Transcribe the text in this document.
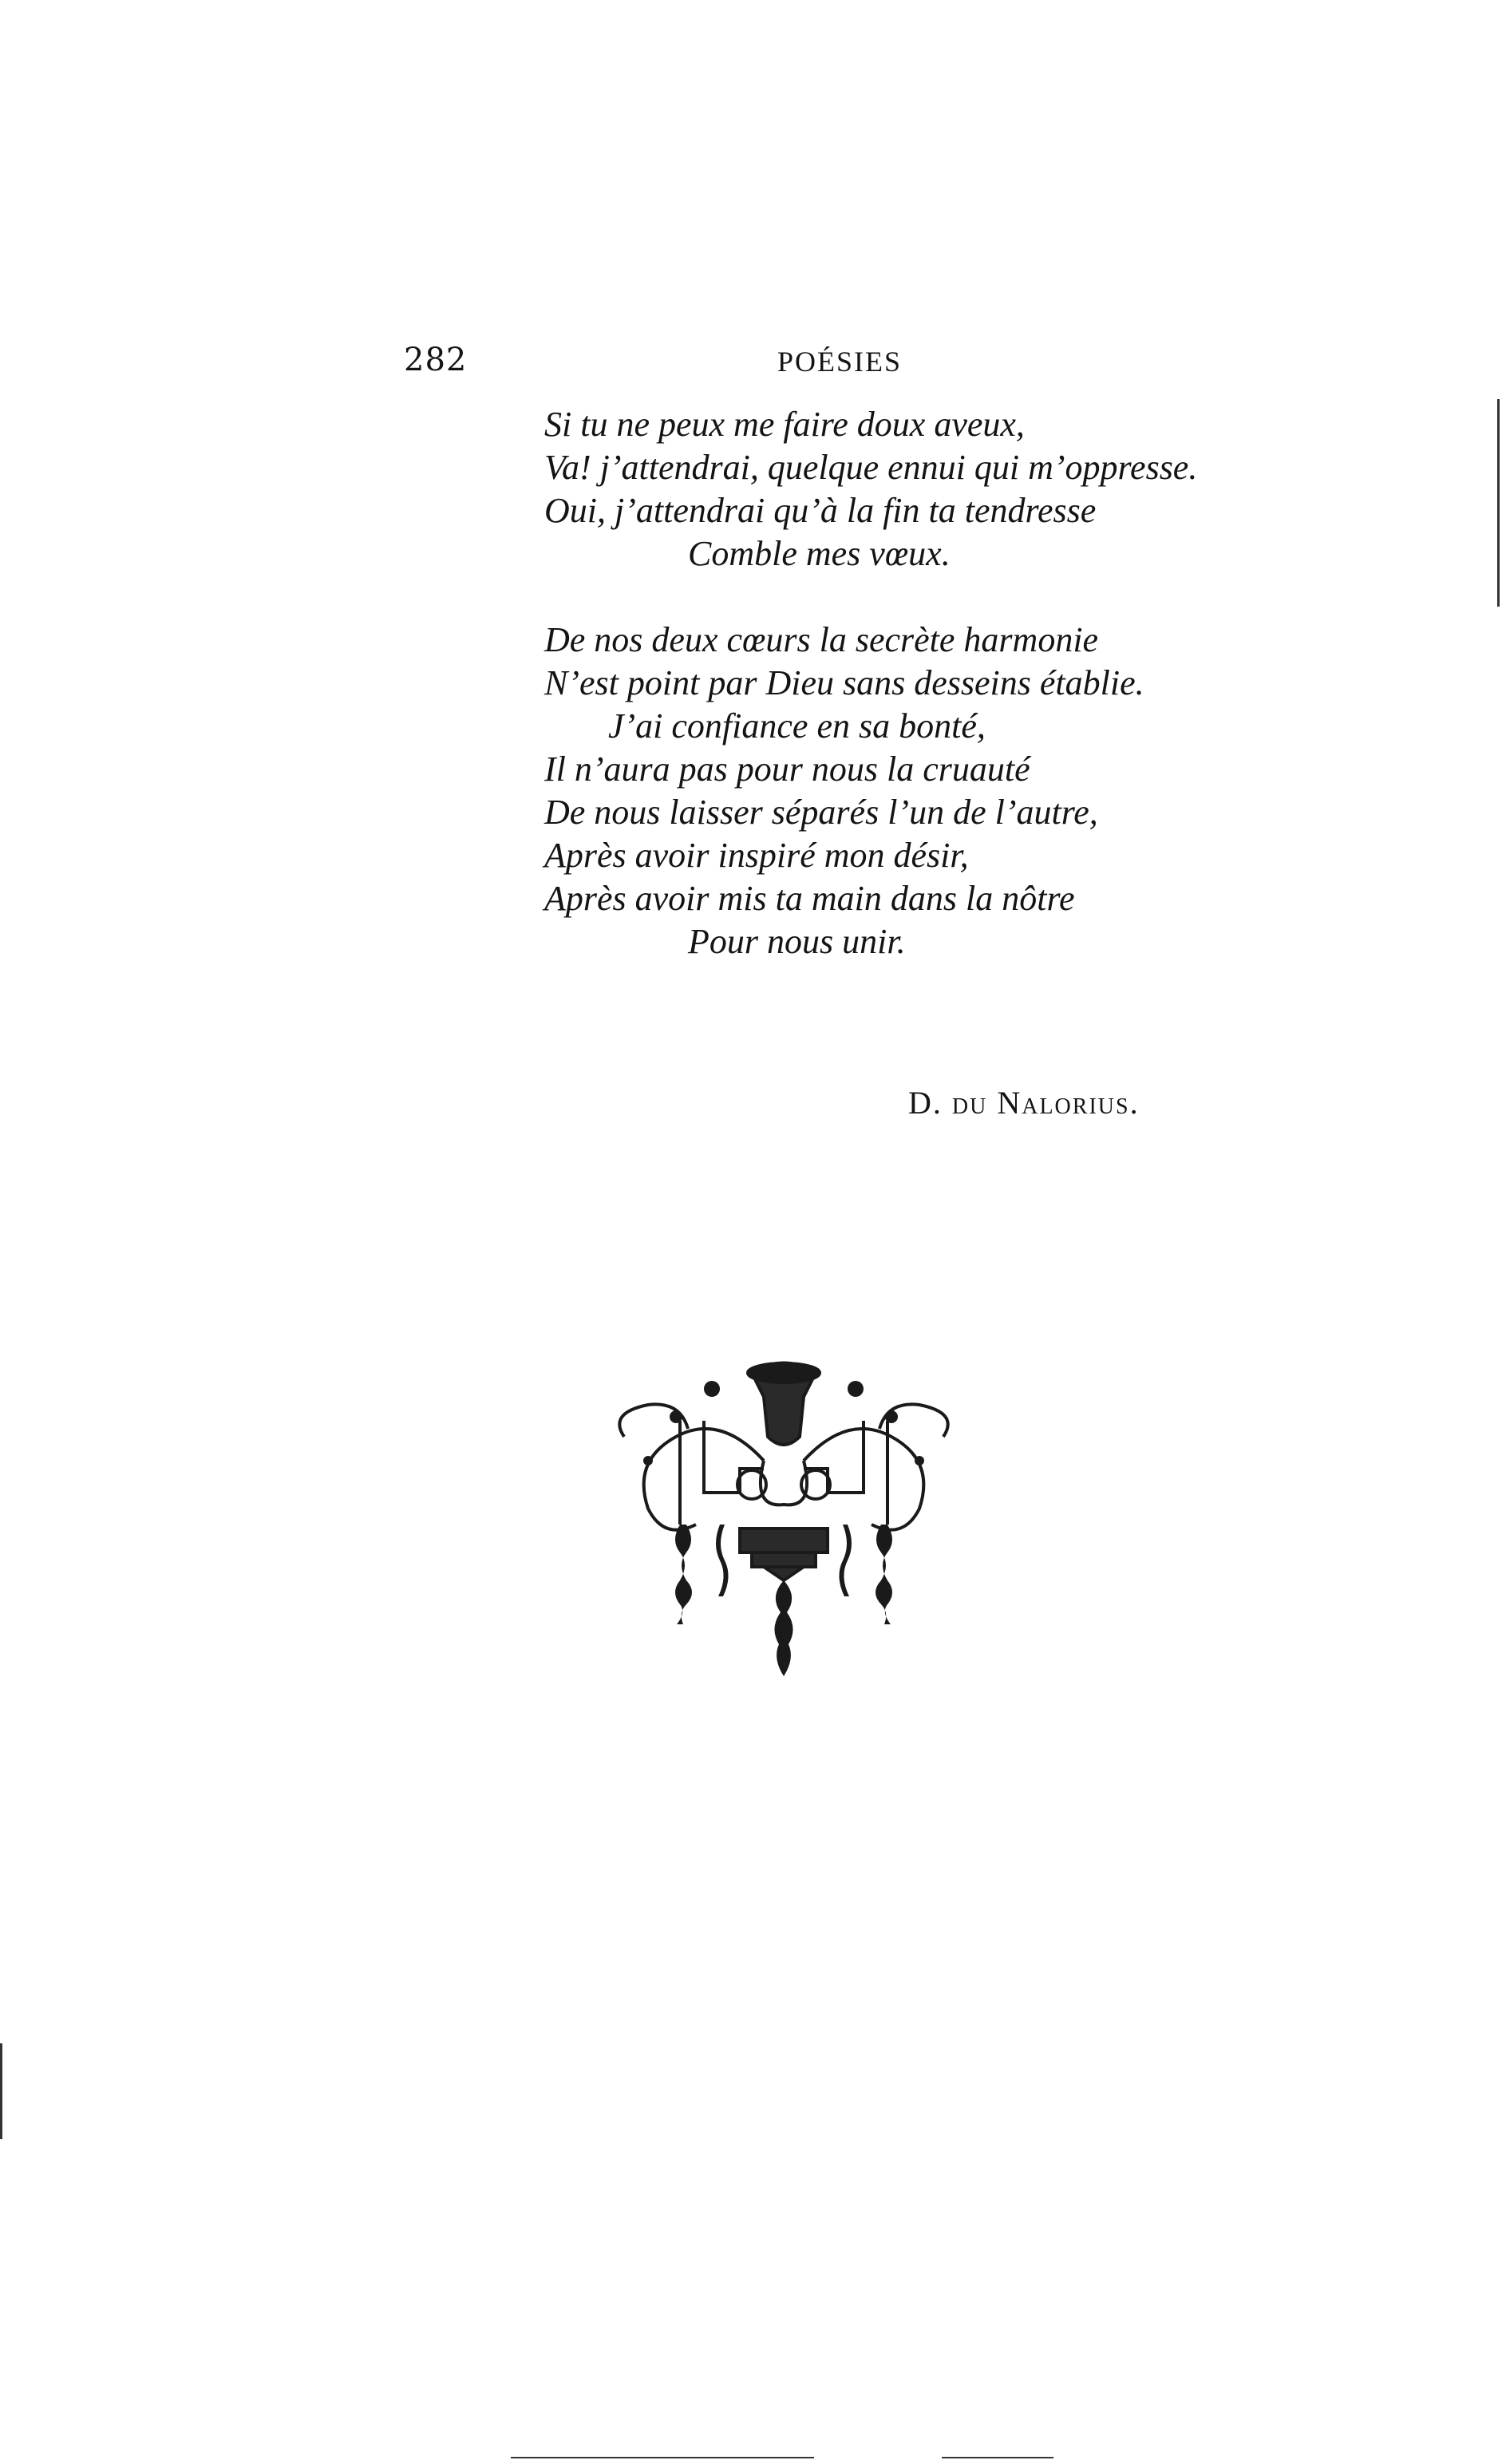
282	POÉSIES
Si tu ne peux me faire doux aveux,
Va! j’attendrai, quelque ennui qui m’oppresse.
Oui, j’attendrai qu’à la fin ta tendresse
Comble mes vœux.
De nos deux cœurs la secrète harmonie
N’est point par Dieu sans desseins établie.
J’ai confiance en sa bonté,
Il n’aura pas pour nous la cruauté
De nous laisser séparés l’un de l’autre,
Après avoir inspiré mon désir,
Après avoir mis ta main dans la nôtre
Pour nous unir.
D. du Nalorius.
